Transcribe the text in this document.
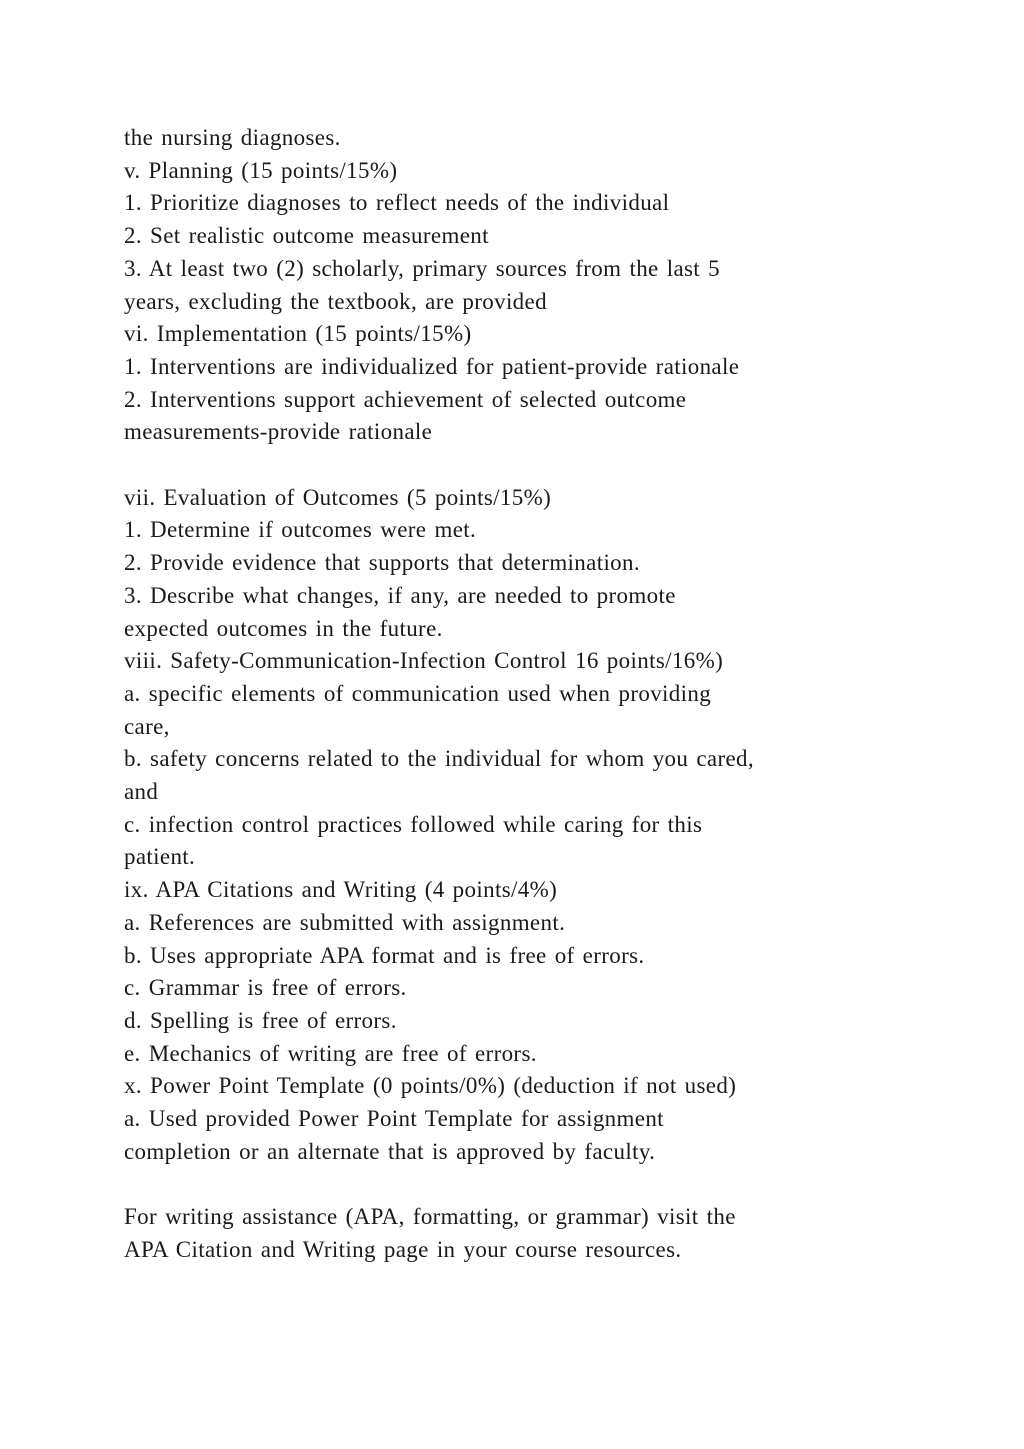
the nursing diagnoses.
v. Planning (15 points/15%)
1. Prioritize diagnoses to reflect needs of the individual
2. Set realistic outcome measurement
3. At least two (2) scholarly, primary sources from the last 5
years, excluding the textbook, are provided
vi. Implementation (15 points/15%)
1. Interventions are individualized for patient-provide rationale
2. Interventions support achievement of selected outcome
measurements-provide rationale
vii. Evaluation of Outcomes (5 points/15%)
1. Determine if outcomes were met.
2. Provide evidence that supports that determination.
3. Describe what changes, if any, are needed to promote
expected outcomes in the future.
viii. Safety-Communication-Infection Control 16 points/16%)
a. specific elements of communication used when providing
care,
b. safety concerns related to the individual for whom you cared,
and
c. infection control practices followed while caring for this
patient.
ix. APA Citations and Writing (4 points/4%)
a. References are submitted with assignment.
b. Uses appropriate APA format and is free of errors.
c. Grammar is free of errors.
d. Spelling is free of errors.
e. Mechanics of writing are free of errors.
x. Power Point Template (0 points/0%) (deduction if not used)
a. Used provided Power Point Template for assignment
completion or an alternate that is approved by faculty.
For writing assistance (APA, formatting, or grammar) visit the
APA Citation and Writing page in your course resources.
